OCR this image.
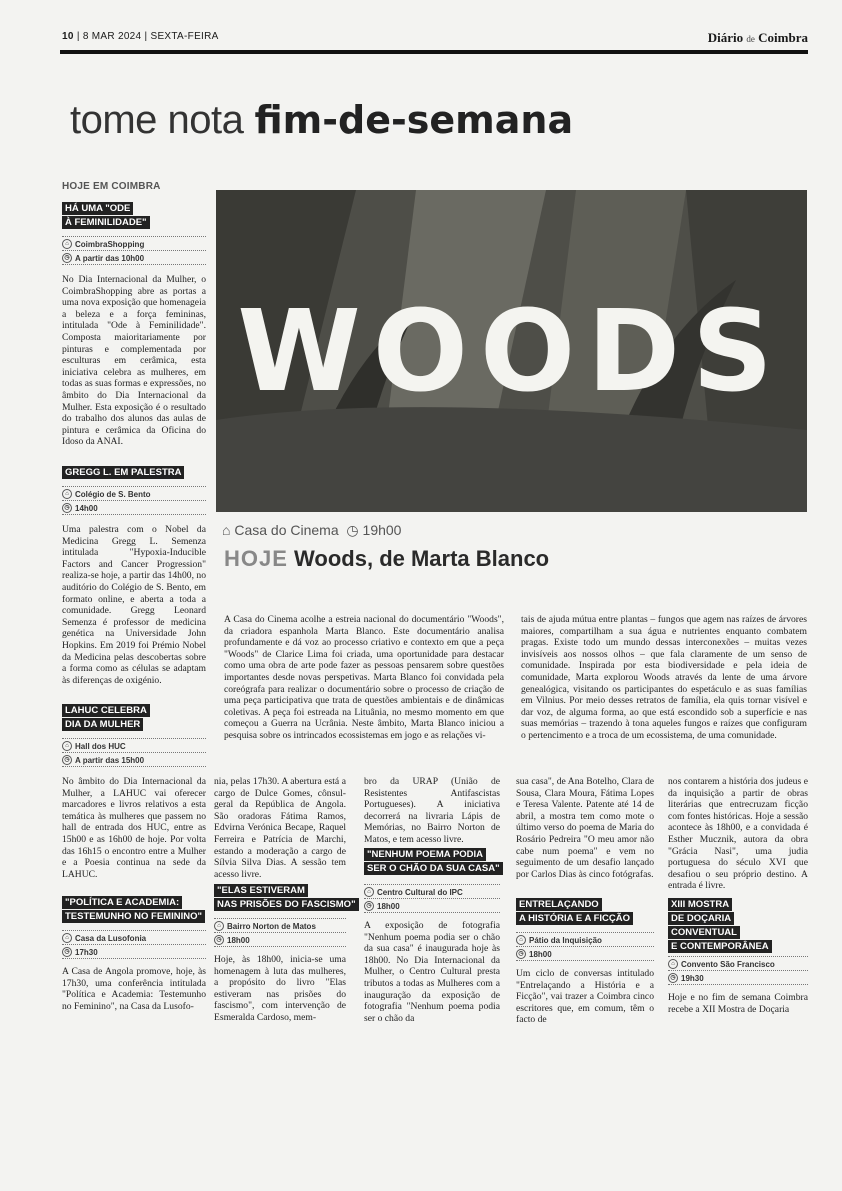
10 | 8 MAR 2024 | SEXTA-FEIRA	Diário de Coimbra
tome nota fim-de-semana
HOJE EM COIMBRA
HÁ UMA "ODE
À FEMINILIDADE"
⌂ CoimbraShopping
◷ A partir das 10h00
No Dia Internacional da Mulher, o CoimbraShopping abre as portas a uma nova exposição que homenageia a beleza e a força femininas, intitulada "Ode à Feminilidade". Composta maioritariamente por pinturas e complementada por esculturas em cerâmica, esta iniciativa celebra as mulheres, em todas as suas formas e expressões, no âmbito do Dia Internacional da Mulher. Esta exposição é o resultado do trabalho dos alunos das aulas de pintura e cerâmica da Oficina do Idoso da ANAI.
GREGG L. EM PALESTRA
⌂ Colégio de S. Bento
◷ 14h00
Uma palestra com o Nobel da Medicina Gregg L. Semenza intitulada "Hypoxia-Inducible Factors and Cancer Progression" realiza-se hoje, a partir das 14h00, no auditório do Colégio de S. Bento, em formato online, e aberta a toda a comunidade. Gregg Leonard Semenza é professor de medicina genética na Universidade John Hopkins. Em 2019 foi Prémio Nobel da Medicina pelas descobertas sobre a forma como as células se adaptam às diferenças de oxigénio.
LAHUC CELEBRA
DIA DA MULHER
⌂ Hall dos HUC
◷ A partir das 15h00
No âmbito do Dia Internacional da Mulher, a LAHUC vai oferecer marcadores e livros relativos a esta temática às mulheres que passem no hall de entrada dos HUC, entre as 15h00 e as 16h00 de hoje. Por volta das 16h15 o encontro entre a Mulher e a Poesia continua na sede da LAHUC.
"POLÍTICA E ACADEMIA:
TESTEMUNHO NO FEMININO"
⌂ Casa da Lusofonia
◷ 17h30
A Casa de Angola promove, hoje, às 17h30, uma conferência intitulada "Política e Academia: Testemunho no Feminino", na Casa da Lusofo-
WOODS
⌂ Casa do Cinema  ◷ 19h00
HOJE Woods, de Marta Blanco
A Casa do Cinema acolhe a estreia nacional do documentário "Woods", da criadora espanhola Marta Blanco. Este documentário analisa profundamente e dá voz ao processo criativo e contexto em que a peça "Woods" de Clarice Lima foi criada, uma oportunidade para destacar como uma obra de arte pode fazer as pessoas pensarem sobre questões importantes desde novas perspetivas. Marta Blanco foi convidada pela coreógrafa para realizar o documentário sobre o processo de criação de uma peça participativa que trata de questões ambientais e de dinâmicas coletivas. A peça foi estreada na Lituânia, no mesmo momento em que começou a Guerra na Ucrânia. Neste âmbito, Marta Blanco iniciou a pesquisa sobre os intrincados ecossistemas em jogo e as relações vi-
tais de ajuda mútua entre plantas – fungos que agem nas raízes de árvores maiores, compartilham a sua água e nutrientes enquanto combatem pragas. Existe todo um mundo dessas interconexões – muitas vezes invisíveis aos nossos olhos – que fala claramente de um senso de comunidade. Inspirada por esta biodiversidade e pela ideia de comunidade, Marta explorou Woods através da lente de uma árvore genealógica, visitando os participantes do espetáculo e as suas famílias em Vilnius. Por meio desses retratos de família, ela quis tornar visível e dar voz, de alguma forma, ao que está escondido sob a superfície e nas suas memórias – trazendo à tona aqueles fungos e raízes que configuram o pertencimento e a troca de um ecossistema, de uma comunidade.
nia, pelas 17h30. A abertura está a cargo de Dulce Gomes, cônsul-geral da República de Angola. São oradoras Fátima Ramos, Edvirna Verónica Becape, Raquel Ferreira e Patrícia de Marchi, estando a moderação a cargo de Sílvia Silva Dias. A sessão tem acesso livre.
"ELAS ESTIVERAM
NAS PRISÕES DO FASCISMO"
⌂ Bairro Norton de Matos
◷ 18h00
Hoje, às 18h00, inicia-se uma homenagem à luta das mulheres, a propósito do livro "Elas estiveram nas prisões do fascismo", com intervenção de Esmeralda Cardoso, mem-
bro da URAP (União de Resistentes Antifascistas Portugueses). A iniciativa decorrerá na livraria Lápis de Memórias, no Bairro Norton de Matos, e tem acesso livre.
"NENHUM POEMA PODIA
SER O CHÃO DA SUA CASA"
⌂ Centro Cultural do IPC
◷ 18h00
A exposição de fotografia "Nenhum poema podia ser o chão da sua casa" é inaugurada hoje às 18h00. No Dia Internacional da Mulher, o Centro Cultural presta tributos a todas as Mulheres com a inauguração da exposição de fotografia "Nenhum poema podia ser o chão da
sua casa", de Ana Botelho, Clara de Sousa, Clara Moura, Fátima Lopes e Teresa Valente. Patente até 14 de abril, a mostra tem como mote o último verso do poema de Maria do Rosário Pedreira "O meu amor não cabe num poema" e vem no seguimento de um desafio lançado por Carlos Dias às cinco fotógrafas.
ENTRELAÇANDO
A HISTÓRIA E A FICÇÃO
⌂ Pátio da Inquisição
◷ 18h00
Um ciclo de conversas intitulado "Entrelaçando a História e a Ficção", vai trazer a Coimbra cinco escritores que, em comum, têm o facto de
nos contarem a história dos judeus e da inquisição a partir de obras literárias que entrecruzam ficção com fontes históricas. Hoje a sessão acontece às 18h00, e a convidada é Esther Mucznik, autora da obra "Grácia Nasi", uma judia portuguesa do século XVI que desafiou o seu próprio destino. A entrada é livre.
XIII MOSTRA
DE DOÇARIA
CONVENTUAL
E CONTEMPORÂNEA
⌂ Convento São Francisco
◷ 19h30
Hoje e no fim de semana Coimbra recebe a XII Mostra de Doçaria
